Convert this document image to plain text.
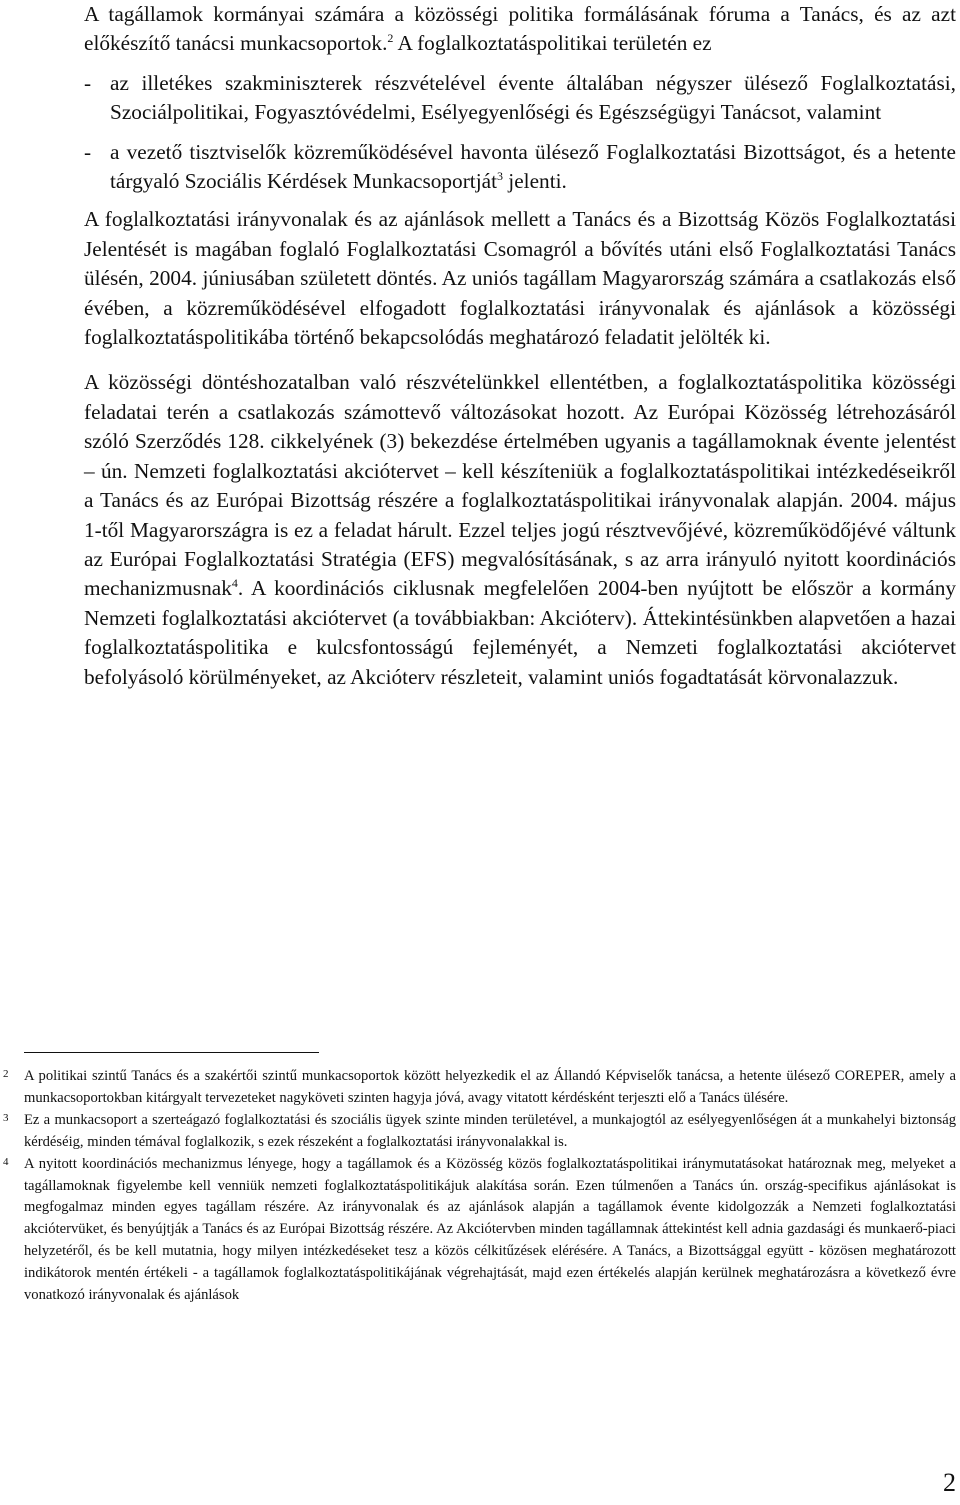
A tagállamok kormányai számára a közösségi politika formálásának fóruma a Tanács, és az azt előkészítő tanácsi munkacsoportok.$^2$ A foglalkoztatáspolitikai területén ez

- az illetékes szakminiszterek részvételével évente általában négyszer ülésező Foglalkoztatási, Szociálpolitikai, Fogyasztóvédelmi, Esélyegyenlőségi és Egészségügyi Tanácsot, valamint
- a vezető tisztviselők közreműködésével havonta ülésező Foglalkoztatási Bizottságot, és a hetente tárgyaló Szociális Kérdések Munkacsoportját$^3$ jelenti.

A foglalkoztatási irányvonalak és az ajánlások mellett a Tanács és a Bizottság Közös Foglalkoztatási Jelentését is magában foglaló Foglalkoztatási Csomagról a bővítés utáni első Foglalkoztatási Tanács ülésén, 2004. júniusában született döntés. Az uniós tagállam Magyarország számára a csatlakozás első évében, a közreműködésével elfogadott foglalkoztatási irányvonalak és ajánlások a közösségi foglalkoztatáspolitikába történő bekapcsolódás meghatározó feladatit jelölték ki.

A közösségi döntéshozatalban való részvételünkkel ellentétben, a foglalkoztatáspolitika közösségi feladatai terén a csatlakozás számottevő változásokat hozott. Az Európai Közösség létrehozásáról szóló Szerződés 128. cikkelyének (3) bekezdése értelmében ugyanis a tagállamoknak évente jelentést – ún. Nemzeti foglalkoztatási akciótervet – kell készíteniük a foglalkoztatáspolitikai intézkedéseikről a Tanács és az Európai Bizottság részére a foglalkoztatáspolitikai irányvonalak alapján. 2004. május 1-től Magyarországra is ez a feladat hárult. Ezzel teljes jogú résztvevőjévé, közreműködőjévé váltunk az Európai Foglalkoztatási Stratégia (EFS) megvalósításának, s az arra irányuló nyitott koordinációs mechanizmusnak$^4$. A koordinációs ciklusnak megfelelően 2004-ben nyújtott be először a kormány Nemzeti foglalkoztatási akciótervet (a továbbiakban: Akcióterv). Áttekintésünkben alapvetően a hazai foglalkoztatáspolitika e kulcsfontosságú fejleményét, a Nemzeti foglalkoztatási akciótervet befolyásoló körülményeket, az Akcióterv részleteit, valamint uniós fogadtatását körvonalazzuk.

2 A politikai szintű Tanács és a szakértői szintű munkacsoportok között helyezkedik el az Állandó Képviselők tanácsa, a hetente ülésező COREPER, amely a munkacsoportokban kitárgyalt tervezeteket nagyköveti szinten hagyja jóvá, avagy vitatott kérdésként terjeszti elő a Tanács ülésére.
3 Ez a munkacsoport a szerteágazó foglalkoztatási és szociális ügyek szinte minden területével, a munkajogtól az esélyegyenlőségen át a munkahelyi biztonság kérdéséig, minden témával foglalkozik, s ezek részeként a foglalkoztatási irányvonalakkal is.
4 A nyitott koordinációs mechanizmus lényege, hogy a tagállamok és a Közösség közös foglalkoztatáspolitikai iránymutatásokat határoznak meg, melyeket a tagállamoknak figyelembe kell venniük nemzeti foglalkoztatáspolitikájuk alakítása során. Ezen túlmenően a Tanács ún. ország-specifikus ajánlásokat is megfogalmaz minden egyes tagállam részére. Az irányvonalak és az ajánlások alapján a tagállamok évente kidolgozzák a Nemzeti foglalkoztatási akciótervüket, és benyújtják a Tanács és az Európai Bizottság részére. Az Akciótervben minden tagállamnak áttekintést kell adnia gazdasági és munkaerő-piaci helyzetéről, és be kell mutatnia, hogy milyen intézkedéseket tesz a közös célkitűzések elérésére. A Tanács, a Bizottsággal együtt - közösen meghatározott indikátorok mentén értékeli - a tagállamok foglalkoztatáspolitikájának végrehajtását, majd ezen értékelés alapján kerülnek meghatározásra a következő évre vonatkozó irányvonalak és ajánlások
2
